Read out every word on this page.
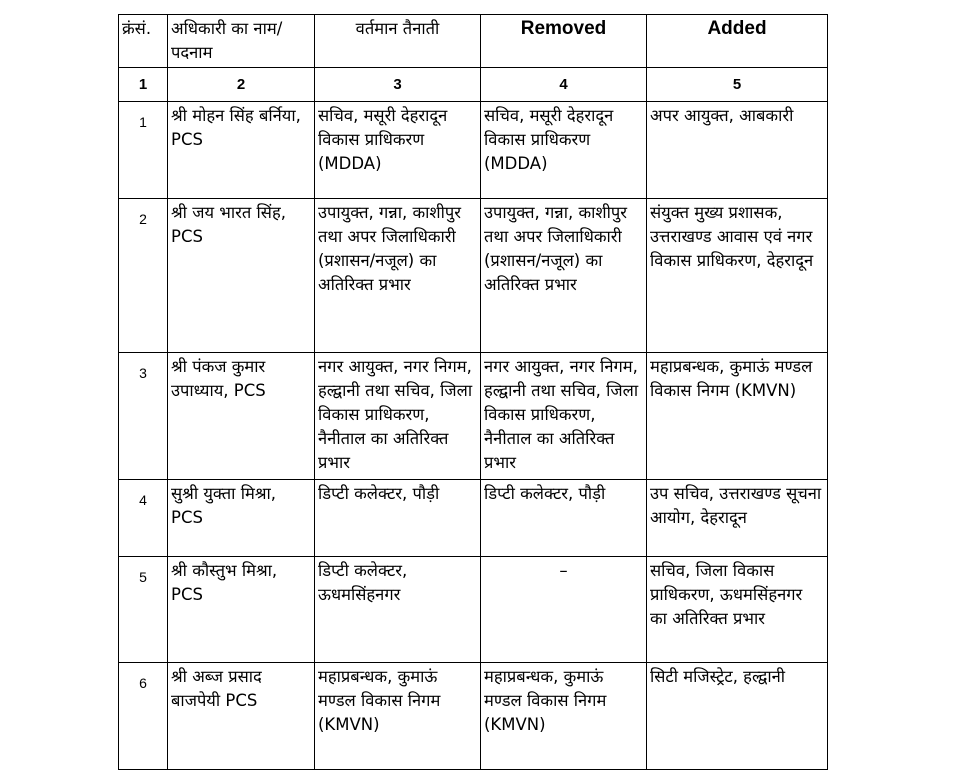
क्रंसं.	अधिकारी का नाम/ पदनाम	वर्तमान तैनाती	Removed	Added
1	2	3	4	5
1	श्री मोहन सिंह बर्निया, PCS	सचिव, मसूरी देहरादून विकास प्राधिकरण (MDDA)	सचिव, मसूरी देहरादून विकास प्राधिकरण (MDDA)	अपर आयुक्त, आबकारी
2	श्री जय भारत सिंह, PCS	उपायुक्त, गन्ना, काशीपुर तथा अपर जिलाधिकारी (प्रशासन/नजूल) का अतिरिक्त प्रभार	उपायुक्त, गन्ना, काशीपुर तथा अपर जिलाधिकारी (प्रशासन/नजूल) का अतिरिक्त प्रभार	संयुक्त मुख्य प्रशासक, उत्तराखण्ड आवास एवं नगर विकास प्राधिकरण, देहरादून
3	श्री पंकज कुमार उपाध्याय, PCS	नगर आयुक्त, नगर निगम, हल्द्वानी तथा सचिव, जिला विकास प्राधिकरण, नैनीताल का अतिरिक्त प्रभार	नगर आयुक्त, नगर निगम, हल्द्वानी तथा सचिव, जिला विकास प्राधिकरण, नैनीताल का अतिरिक्त प्रभार	महाप्रबन्धक, कुमाऊं मण्डल विकास निगम (KMVN)
4	सुश्री युक्ता मिश्रा, PCS	डिप्टी कलेक्टर, पौड़ी	डिप्टी कलेक्टर, पौड़ी	उप सचिव, उत्तराखण्ड सूचना आयोग, देहरादून
5	श्री कौस्तुभ मिश्रा, PCS	डिप्टी कलेक्टर, ऊधमसिंहनगर	–	सचिव, जिला विकास प्राधिकरण, ऊधमसिंहनगर का अतिरिक्त प्रभार
6	श्री अब्ज प्रसाद बाजपेयी PCS	महाप्रबन्धक, कुमाऊं मण्डल विकास निगम (KMVN)	महाप्रबन्धक, कुमाऊं मण्डल विकास निगम (KMVN)	सिटी मजिस्ट्रेट, हल्द्वानी
